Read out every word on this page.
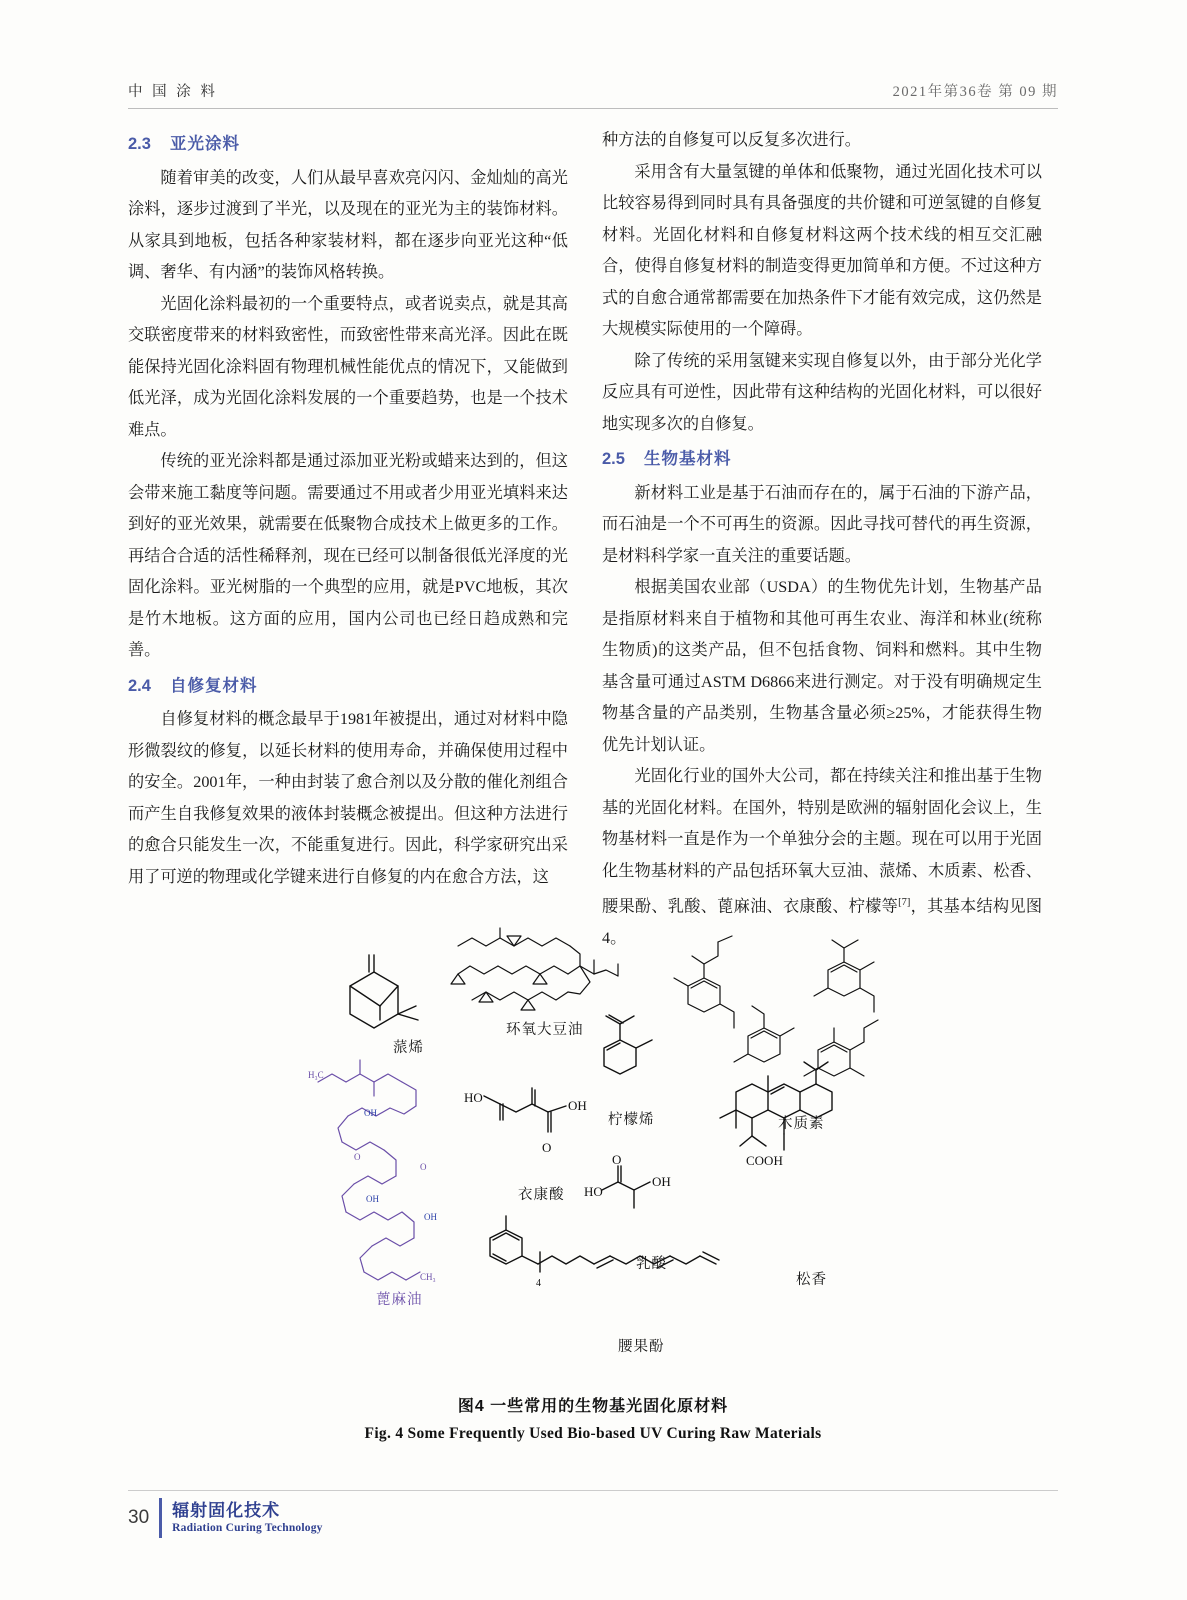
中 国 涂 料	2021年第36卷 第 09 期
2.3	亚光涂料

随着审美的改变，人们从最早喜欢亮闪闪、金灿灿的高光涂料，逐步过渡到了半光，以及现在的亚光为主的装饰材料。从家具到地板，包括各种家装材料，都在逐步向亚光这种“低调、奢华、有内涵”的装饰风格转换。

光固化涂料最初的一个重要特点，或者说卖点，就是其高交联密度带来的材料致密性，而致密性带来高光泽。因此在既能保持光固化涂料固有物理机械性能优点的情况下，又能做到低光泽，成为光固化涂料发展的一个重要趋势，也是一个技术难点。

传统的亚光涂料都是通过添加亚光粉或蜡来达到的，但这会带来施工黏度等问题。需要通过不用或者少用亚光填料来达到好的亚光效果，就需要在低聚物合成技术上做更多的工作。再结合合适的活性稀释剂，现在已经可以制备很低光泽度的光固化涂料。亚光树脂的一个典型的应用，就是PVC地板，其次是竹木地板。这方面的应用，国内公司也已经日趋成熟和完善。

2.4	自修复材料

自修复材料的概念最早于1981年被提出，通过对材料中隐形微裂纹的修复，以延长材料的使用寿命，并确保使用过程中的安全。2001年，一种由封装了愈合剂以及分散的催化剂组合而产生自我修复效果的液体封装概念被提出。但这种方法进行的愈合只能发生一次，不能重复进行。因此，科学家研究出采用了可逆的物理或化学键来进行自修复的内在愈合方法，这

种方法的自修复可以反复多次进行。

采用含有大量氢键的单体和低聚物，通过光固化技术可以比较容易得到同时具有具备强度的共价键和可逆氢键的自修复材料。光固化材料和自修复材料这两个技术线的相互交汇融合，使得自修复材料的制造变得更加简单和方便。不过这种方式的自愈合通常都需要在加热条件下才能有效完成，这仍然是大规模实际使用的一个障碍。

除了传统的采用氢键来实现自修复以外，由于部分光化学反应具有可逆性，因此带有这种结构的光固化材料，可以很好地实现多次的自修复。

2.5	生物基材料

新材料工业是基于石油而存在的，属于石油的下游产品，而石油是一个不可再生的资源。因此寻找可替代的再生资源，是材料科学家一直关注的重要话题。

根据美国农业部（USDA）的生物优先计划，生物基产品是指原材料来自于植物和其他可再生农业、海洋和林业(统称生物质)的这类产品，但不包括食物、饲料和燃料。其中生物基含量可通过ASTM D6866来进行测定。对于没有明确规定生物基含量的产品类别，生物基含量必须≥25%，才能获得生物优先计划认证。

光固化行业的国外大公司，都在持续关注和推出基于生物基的光固化材料。在国外，特别是欧洲的辐射固化会议上，生物基材料一直是作为一个单独分会的主题。现在可以用于光固化生物基材料的产品包括环氧大豆油、蒎烯、木质素、松香、腰果酚、乳酸、蓖麻油、衣康酸、柠檬等[7]，其基本结构见图4。

HO
OH
O
HO
OH
O	COOH
4
H₃C
OH
OH
OH
CH₃
O
O
蒎烯
环氧大豆油
柠檬烯	木质素
衣康酸
乳酸
松香
蓖麻油
腰果酚
图4 一些常用的生物基光固化原材料
Fig. 4 Some Frequently Used Bio-based UV Curing Raw Materials
30 辐射固化技术
Radiation Curing Technology
